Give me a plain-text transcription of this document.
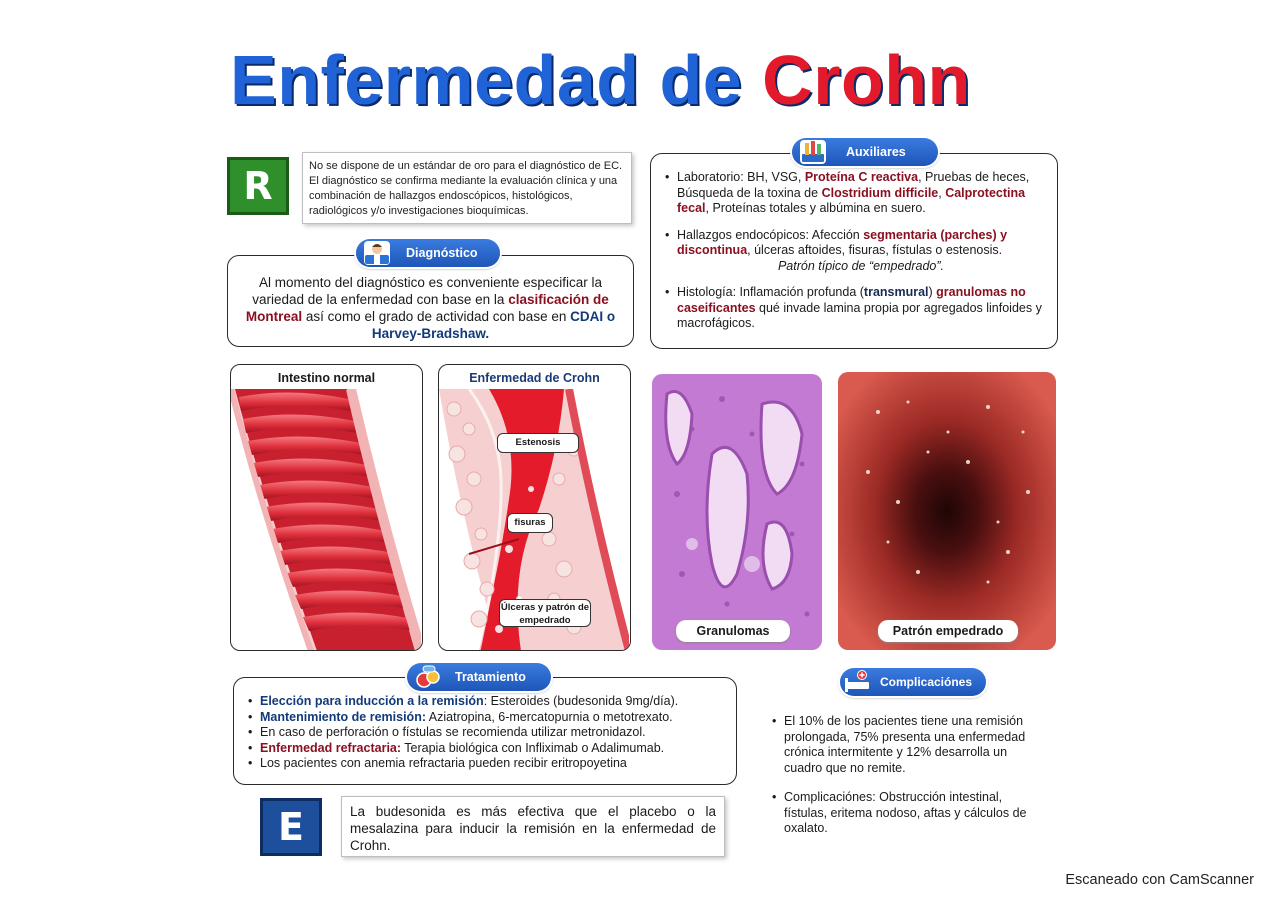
Enfermedad de Crohn
R	No se dispone de un estándar de oro para el diagnóstico de EC. El diagnóstico se confirma mediante la evaluación clínica y una combinación de hallazgos endoscópicos, histológicos, radiológicos y/o investigaciones bioquímicas.
Al momento del diagnóstico es conveniente especificar la variedad de la enfermedad con base en la clasificación de Montreal así como el grado de actividad con base en CDAI o Harvey-Bradshaw.
Diagnóstico
• Laboratorio: BH, VSG, Proteína C reactiva, Pruebas de heces, Búsqueda de la toxina de Clostridium difficile, Calprotectina fecal, Proteínas totales y albúmina en suero.
• Hallazgos endocópicos: Afección segmentaria (parches) y discontinua, úlceras aftoides, fisuras, fístulas o estenosis.

Patrón típico de “empedrado”.
• Histología: Inflamación profunda (transmural) granulomas no caseificantes qué invade lamina propia por agregados linfoides y macrofágicos.
Auxiliares
Intestino normal	Enfermedad de Crohn
Estenosis
fisuras
Úlceras y patrón de empedrado
Granulomas	Patrón empedrado
• Elección para inducción a la remisión: Esteroides (budesonida 9mg/día).
• Mantenimiento de remisión: Aziatropina, 6-mercatopurnia o metotrexato.
• En caso de perforación o fístulas se recomienda utilizar metronidazol.
• Enfermedad refractaria: Terapia biológica con Infliximab o Adalimumab.
• Los pacientes con anemia refractaria pueden recibir eritropoyetina
Tratamiento	Complicaciónes
• El 10% de los pacientes tiene una remisión prolongada, 75% presenta una enfermedad crónica intermitente y 12% desarrolla un cuadro que no remite.
• Complicaciónes: Obstrucción intestinal, fístulas, eritema nodoso, aftas y cálculos de oxalato.
E	La budesonida es más efectiva que el placebo o la mesalazina para inducir la remisión en la enfermedad de Crohn.
Escaneado con CamScanner
